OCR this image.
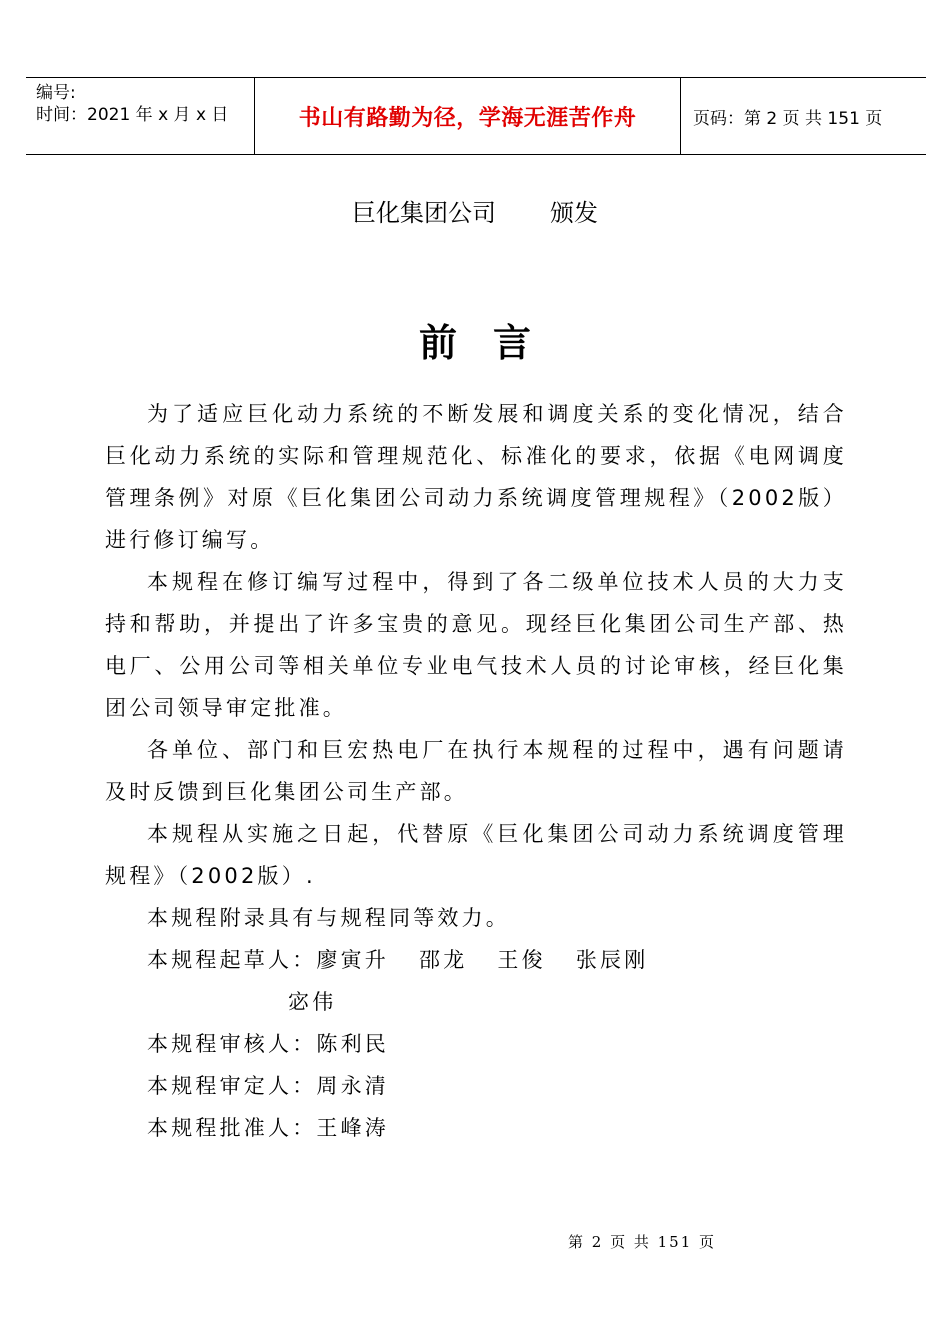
编号:
时间：2021 年 x 月 x 日	书山有路勤为径，学海无涯苦作舟	页码：第 2 页 共 151 页
巨化集团公司 颁发
前言

为了适应巨化动力系统的不断发展和调度关系的变化情况，结合巨化动力系统的实际和管理规范化、标准化的要求，依据《电网调度管理条例》对原《巨化集团公司动力系统调度管理规程》（2002版）进行修订编写。

本规程在修订编写过程中，得到了各二级单位技术人员的大力支持和帮助，并提出了许多宝贵的意见。现经巨化集团公司生产部、热电厂、公用公司等相关单位专业电气技术人员的讨论审核，经巨化集团公司领导审定批准。

各单位、部门和巨宏热电厂在执行本规程的过程中，遇有问题请及时反馈到巨化集团公司生产部。

本规程从实施之日起，代替原《巨化集团公司动力系统调度管理规程》（2002版）.

本规程附录具有与规程同等效力。

本规程起草人：廖寅升 邵龙 王俊 张辰刚
宓伟
本规程审核人：陈利民
本规程审定人：周永清
本规程批准人：王峰涛
第 2 页 共 151 页
